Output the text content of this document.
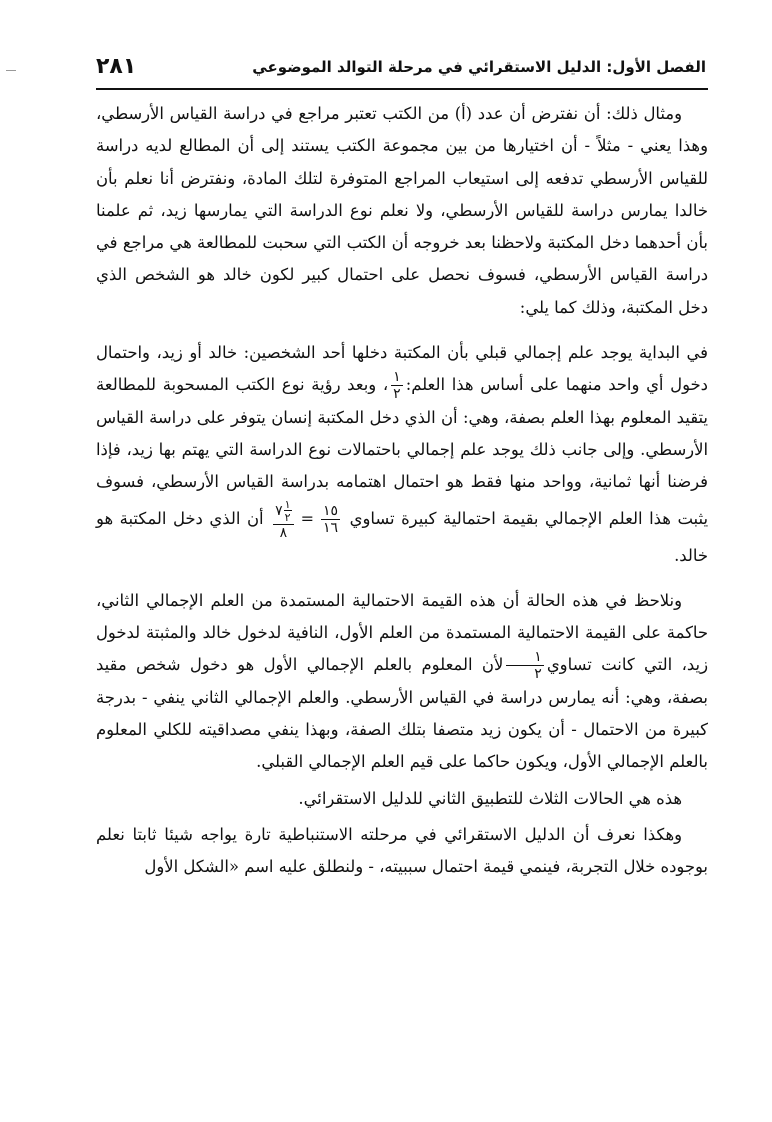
الفصل الأول: الدليل الاستقرائي في مرحلة التوالد الموضوعي
٢٨١

ومثال ذلك: أن نفترض أن عدد (أ) من الكتب تعتبر مراجع في دراسة القياس الأرسطي، وهذا يعني - مثلاً - أن اختيارها من بين مجموعة الكتب يستند إلى أن المطالع لديه دراسة للقياس الأرسطي تدفعه إلى استيعاب المراجع المتوفرة لتلك المادة، ونفترض أنا نعلم بأن خالدا يمارس دراسة للقياس الأرسطي، ولا نعلم نوع الدراسة التي يمارسها زيد، ثم علمنا بأن أحدهما دخل المكتبة ولاحظنا بعد خروجه أن الكتب التي سحبت للمطالعة هي مراجع في دراسة القياس الأرسطي، فسوف نحصل على احتمال كبير لكون خالد هو الشخص الذي دخل المكتبة، وذلك كما يلي:

في البداية يوجد علم إجمالي قبلي بأن المكتبة دخلها أحد الشخصين: خالد أو زيد، واحتمال دخول أي واحد منهما على أساس هذا العلم:
$\frac{١}{٢}$
، وبعد رؤية نوع الكتب المسحوبة للمطالعة يتقيد المعلوم بهذا العلم بصفة، وهي: أن الذي دخل المكتبة إنسان يتوفر على دراسة القياس الأرسطي. وإلى جانب ذلك يوجد علم إجمالي باحتمالات نوع الدراسة التي يهتم بها زيد، فإذا فرضنا أنها ثمانية، وواحد منها فقط هو احتمال اهتمامه بدراسة القياس الأرسطي، فسوف يثبت هذا العلم الإجمالي بقيمة احتمالية كبيرة تساوي
$\frac{١٥}{١٦}$
=
$\frac{٧ \frac{١}{٢}}{٨}$
أن الذي دخل المكتبة هو خالد.

ونلاحظ في هذه الحالة أن هذه القيمة الاحتمالية المستمدة من العلم الإجمالي الثاني، حاكمة على القيمة الاحتمالية المستمدة من العلم الأول، النافية لدخول خالد والمثبتة لدخول زيد، التي كانت تساوي
$\frac{١}{٢}$
لأن المعلوم بالعلم الإجمالي الأول هو دخول شخص مقيد بصفة، وهي: أنه يمارس دراسة في القياس الأرسطي. والعلم الإجمالي الثاني ينفي - بدرجة كبيرة من الاحتمال - أن يكون زيد متصفا بتلك الصفة، وبهذا ينفي مصداقيته للكلي المعلوم بالعلم الإجمالي الأول، ويكون حاكما على قيم العلم الإجمالي القبلي.

هذه هي الحالات الثلاث للتطبيق الثاني للدليل الاستقرائي.

وهكذا نعرف أن الدليل الاستقرائي في مرحلته الاستنباطية تارة يواجه شيئا ثابتا نعلم بوجوده خلال التجربة، فينمي قيمة احتمال سببيته، - ولنطلق عليه اسم «الشكل الأول
